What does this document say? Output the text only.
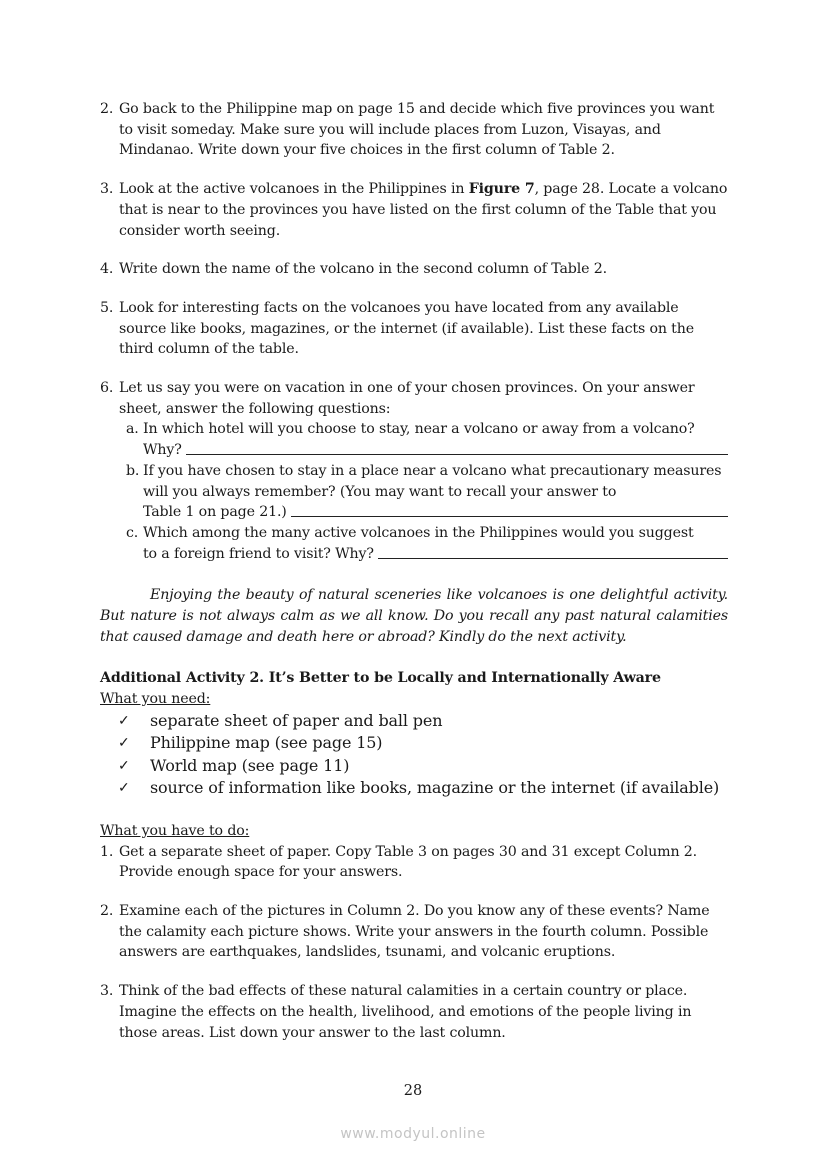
2. Go back to the Philippine map on page 15 and decide which five provinces you want to visit someday. Make sure you will include places from Luzon, Visayas, and Mindanao. Write down your five choices in the first column of Table 2.
3. Look at the active volcanoes in the Philippines in Figure 7, page 28. Locate a volcano that is near to the provinces you have listed on the first column of the Table that you consider worth seeing.
4. Write down the name of the volcano in the second column of Table 2.
5. Look for interesting facts on the volcanoes you have located from any available source like books, magazines, or the internet (if available). List these facts on the third column of the table.
6. Let us say you were on vacation in one of your chosen provinces. On your answer sheet, answer the following questions:
a. In which hotel will you choose to stay, near a volcano or away from a volcano?
Why?

b. If you have chosen to stay in a place near a volcano what precautionary measures will you always remember? (You may want to recall your answer to
Table 1 on page 21.)

c. Which among the many active volcanoes in the Philippines would you suggest
to a foreign friend to visit? Why?

Enjoying the beauty of natural sceneries like volcanoes is one delightful activity. But nature is not always calm as we all know. Do you recall any past natural calamities that caused damage and death here or abroad? Kindly do the next activity.

Additional Activity 2. It’s Better to be Locally and Internationally Aware
What you need:
✓	separate sheet of paper and ball pen
✓	Philippine map (see page 15)
✓	World map (see page 11)
✓	source of information like books, magazine or the internet (if available)
What you have to do:
1. Get a separate sheet of paper. Copy Table 3 on pages 30 and 31 except Column 2. Provide enough space for your answers.
2. Examine each of the pictures in Column 2. Do you know any of these events? Name the calamity each picture shows. Write your answers in the fourth column. Possible answers are earthquakes, landslides, tsunami, and volcanic eruptions.
3. Think of the bad effects of these natural calamities in a certain country or place. Imagine the effects on the health, livelihood, and emotions of the people living in those areas. List down your answer to the last column.
28
www.modyul.online
